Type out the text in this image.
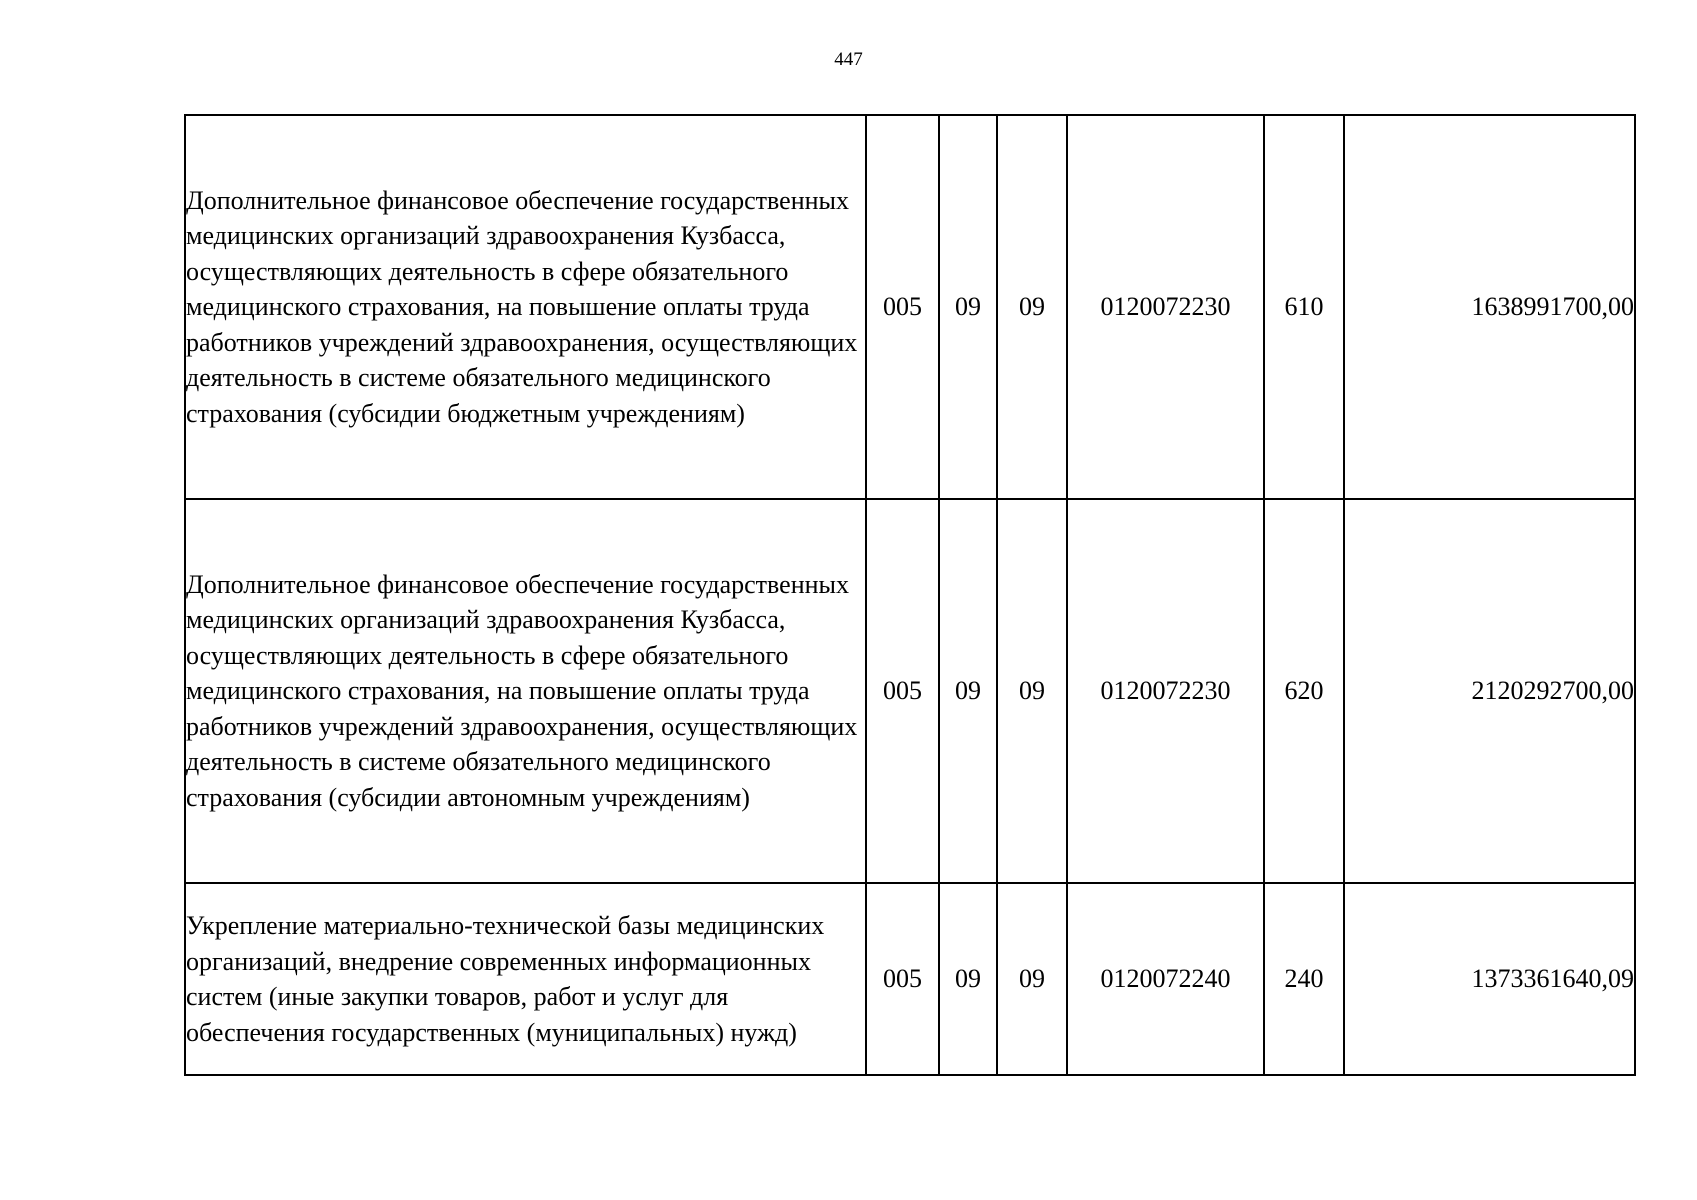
447
Дополнительное финансовое обеспечение государственных медицинских организаций здравоохранения Кузбасса, осуществляющих деятельность в сфере обязательного медицинского страхования, на повышение оплаты труда работников учреждений здравоохранения, осуществляющих деятельность в системе обязательного медицинского страхования (субсидии бюджетным учреждениям)	005	09	09	0120072230	610	1638991700,00

Дополнительное финансовое обеспечение государственных медицинских организаций здравоохранения Кузбасса, осуществляющих деятельность в сфере обязательного медицинского страхования, на повышение оплаты труда работников учреждений здравоохранения, осуществляющих деятельность в системе обязательного медицинского страхования (субсидии автономным учреждениям)	005	09	09	0120072230	620	2120292700,00

Укрепление материально-технической базы медицинских организаций, внедрение современных информационных систем (иные закупки товаров, работ и услуг для обеспечения государственных (муниципальных) нужд)	005	09	09	0120072240	240	1373361640,09
